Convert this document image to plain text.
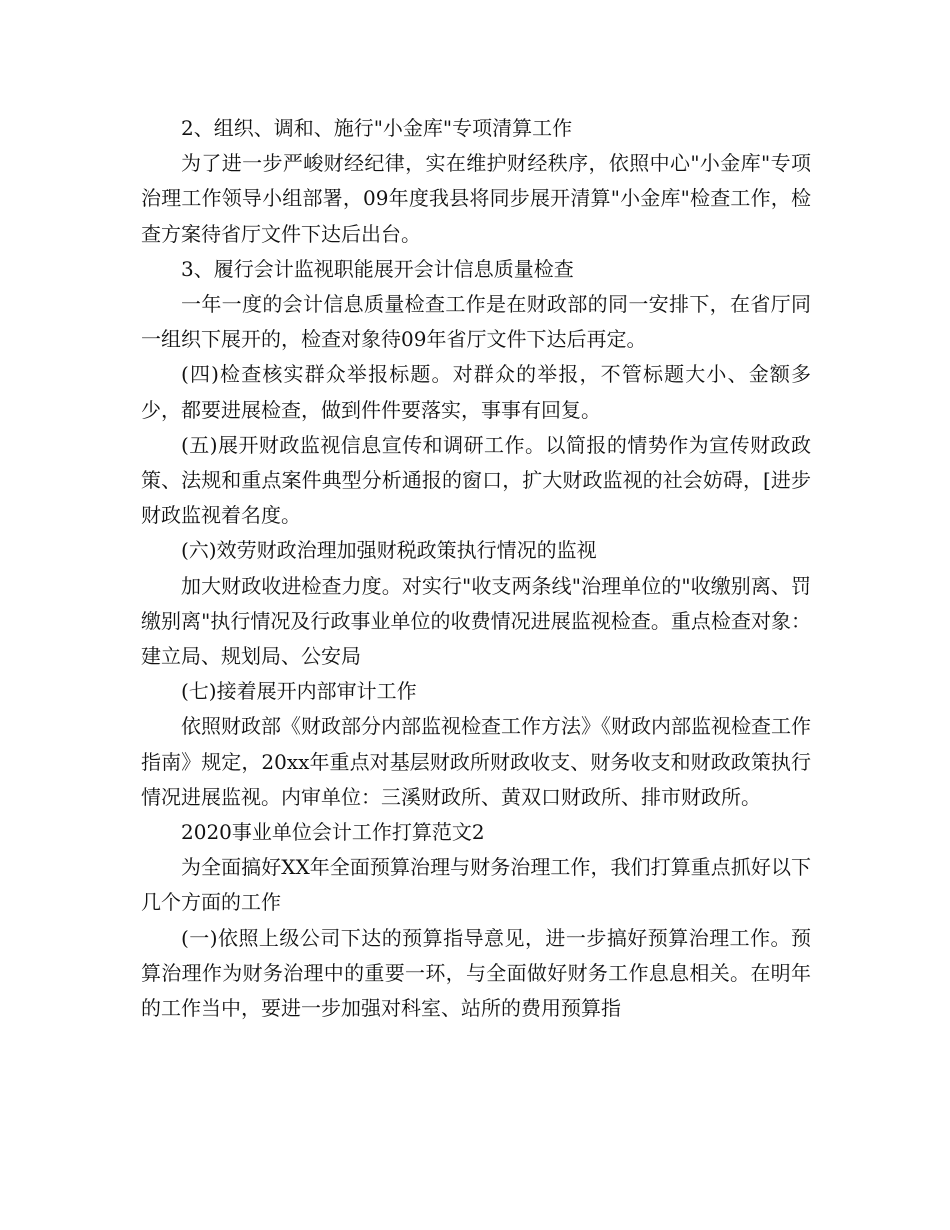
2、组织、调和、施行"小金库"专项清算工作

为了进一步严峻财经纪律，实在维护财经秩序，依照中心"小金库"专项治理工作领导小组部署，09年度我县将同步展开清算"小金库"检查工作，检查方案待省厅文件下达后出台。

3、履行会计监视职能展开会计信息质量检查

一年一度的会计信息质量检查工作是在财政部的同一安排下，在省厅同一组织下展开的，检查对象待09年省厅文件下达后再定。

(四)检查核实群众举报标题。对群众的举报，不管标题大小、金额多少，都要进展检查，做到件件要落实，事事有回复。

(五)展开财政监视信息宣传和调研工作。以简报的情势作为宣传财政政策、法规和重点案件典型分析通报的窗口，扩大财政监视的社会妨碍，[进步财政监视着名度。

(六)效劳财政治理加强财税政策执行情况的监视

加大财政收进检查力度。对实行"收支两条线"治理单位的"收缴别离、罚缴别离"执行情况及行政事业单位的收费情况进展监视检查。重点检查对象：建立局、规划局、公安局

(七)接着展开内部审计工作

依照财政部《财政部分内部监视检查工作方法》《财政内部监视检查工作指南》规定，20xx年重点对基层财政所财政收支、财务收支和财政政策执行情况进展监视。内审单位：三溪财政所、黄双口财政所、排市财政所。

2020事业单位会计工作打算范文2

为全面搞好XX年全面预算治理与财务治理工作，我们打算重点抓好以下几个方面的工作

(一)依照上级公司下达的预算指导意见，进一步搞好预算治理工作。预算治理作为财务治理中的重要一环，与全面做好财务工作息息相关。在明年的工作当中，要进一步加强对科室、站所的费用预算指
